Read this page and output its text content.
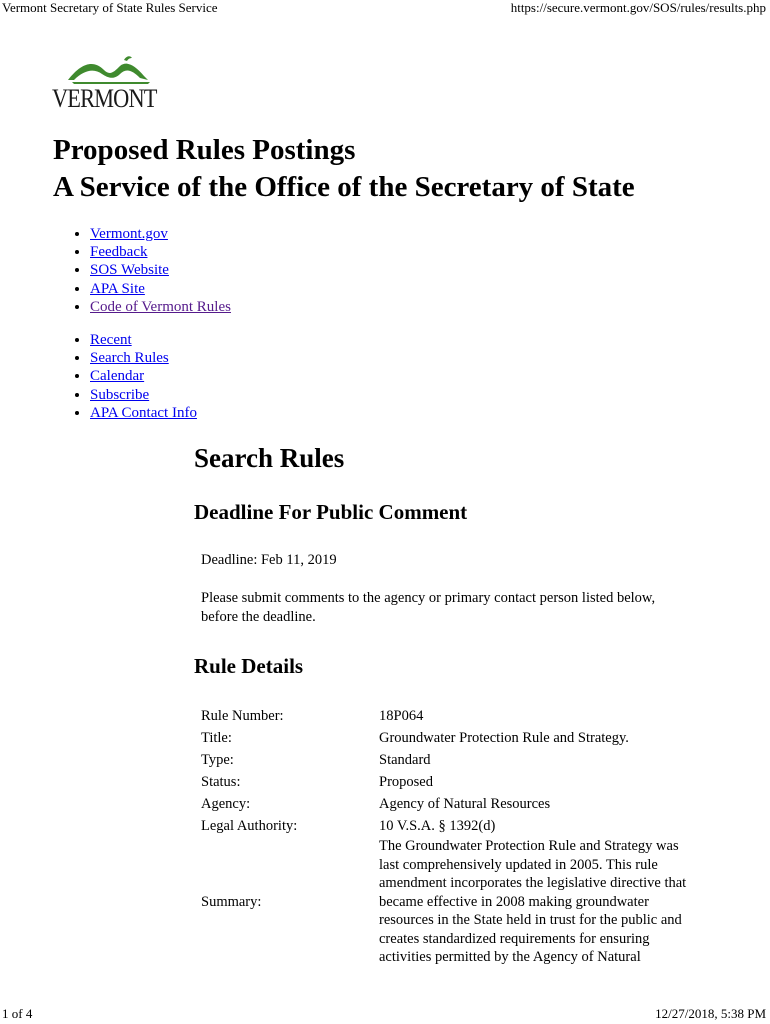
Vermont Secretary of State Rules Service	https://secure.vermont.gov/SOS/rules/results.php
VERMONT
Proposed Rules Postings
A Service of the Office of the Secretary of State
• Vermont.gov
• Feedback
• SOS Website
• APA Site
• Code of Vermont Rules
• Recent
• Search Rules
• Calendar
• Subscribe
• APA Contact Info
Search Rules
Deadline For Public Comment
Deadline: Feb 11, 2019
Please submit comments to the agency or primary contact person listed below, before the deadline.
Rule Details
Rule Number:	18P064
Title:	Groundwater Protection Rule and Strategy.
Type:	Standard
Status:	Proposed
Agency:	Agency of Natural Resources
Legal Authority:	10 V.S.A. § 1392(d)
Summary:	The Groundwater Protection Rule and Strategy was last comprehensively updated in 2005. This rule amendment incorporates the legislative directive that became effective in 2008 making groundwater resources in the State held in trust for the public and creates standardized requirements for ensuring activities permitted by the Agency of Natural
1 of 4	12/27/2018, 5:38 PM
